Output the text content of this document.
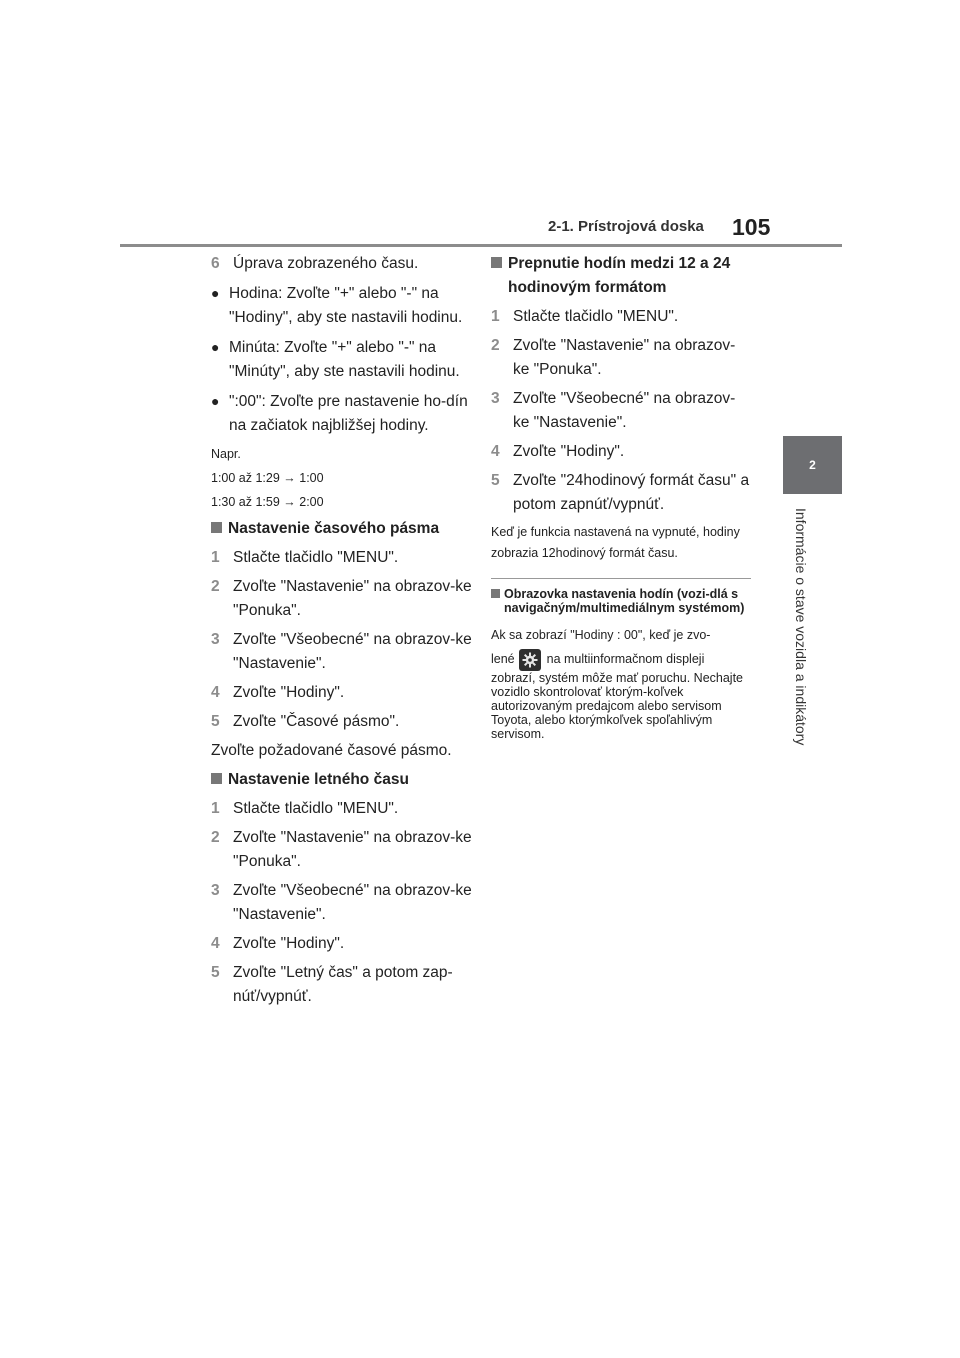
2-1. Prístrojová doska 105
2
Informácie o stave vozidla a indikátory

6 Úprava zobrazeného času.

● Hodina: Zvoľte "+" alebo "-" na "Hodiny", aby ste nastavili hodinu.

● Minúta: Zvoľte "+" alebo "-" na "Minúty", aby ste nastavili hodinu.

● ":00": Zvoľte pre nastavenie ho-dín na začiatok najbližšej hodiny.

Napr.

1:00 až 1:29 → 1:00

1:30 až 1:59 → 2:00

Nastavenie časového pásma

1 Stlačte tlačidlo "MENU".

2 Zvoľte "Nastavenie" na obrazov-ke "Ponuka".

3 Zvoľte "Všeobecné" na obrazov-ke "Nastavenie".

4 Zvoľte "Hodiny".

5 Zvoľte "Časové pásmo".

Zvoľte požadované časové pásmo.

Nastavenie letného času

1 Stlačte tlačidlo "MENU".

2 Zvoľte "Nastavenie" na obrazov-ke "Ponuka".

3 Zvoľte "Všeobecné" na obrazov-ke "Nastavenie".

4 Zvoľte "Hodiny".

5 Zvoľte "Letný čas" a potom zap-núť/vypnúť.

Prepnutie hodín medzi 12 a 24 hodinovým formátom

1 Stlačte tlačidlo "MENU".

2 Zvoľte "Nastavenie" na obrazov-ke "Ponuka".

3 Zvoľte "Všeobecné" na obrazov-ke "Nastavenie".

4 Zvoľte "Hodiny".

5 Zvoľte "24hodinový formát času" a potom zapnúť/vypnúť.

Keď je funkcia nastavená na vypnuté, hodiny zobrazia 12hodinový formát času.

Obrazovka nastavenia hodín (vozi-dlá s navigačným/multimediálnym systémom)

Ak sa zobrazí "Hodiny : 00", keď je zvo-
lené	na multiinformačnom displeji
zobrazí, systém môže mať poruchu. Nechajte vozidlo skontrolovať ktorým-koľvek autorizovaným predajcom alebo servisom Toyota, alebo ktorýmkoľvek spoľahlivým servisom.
